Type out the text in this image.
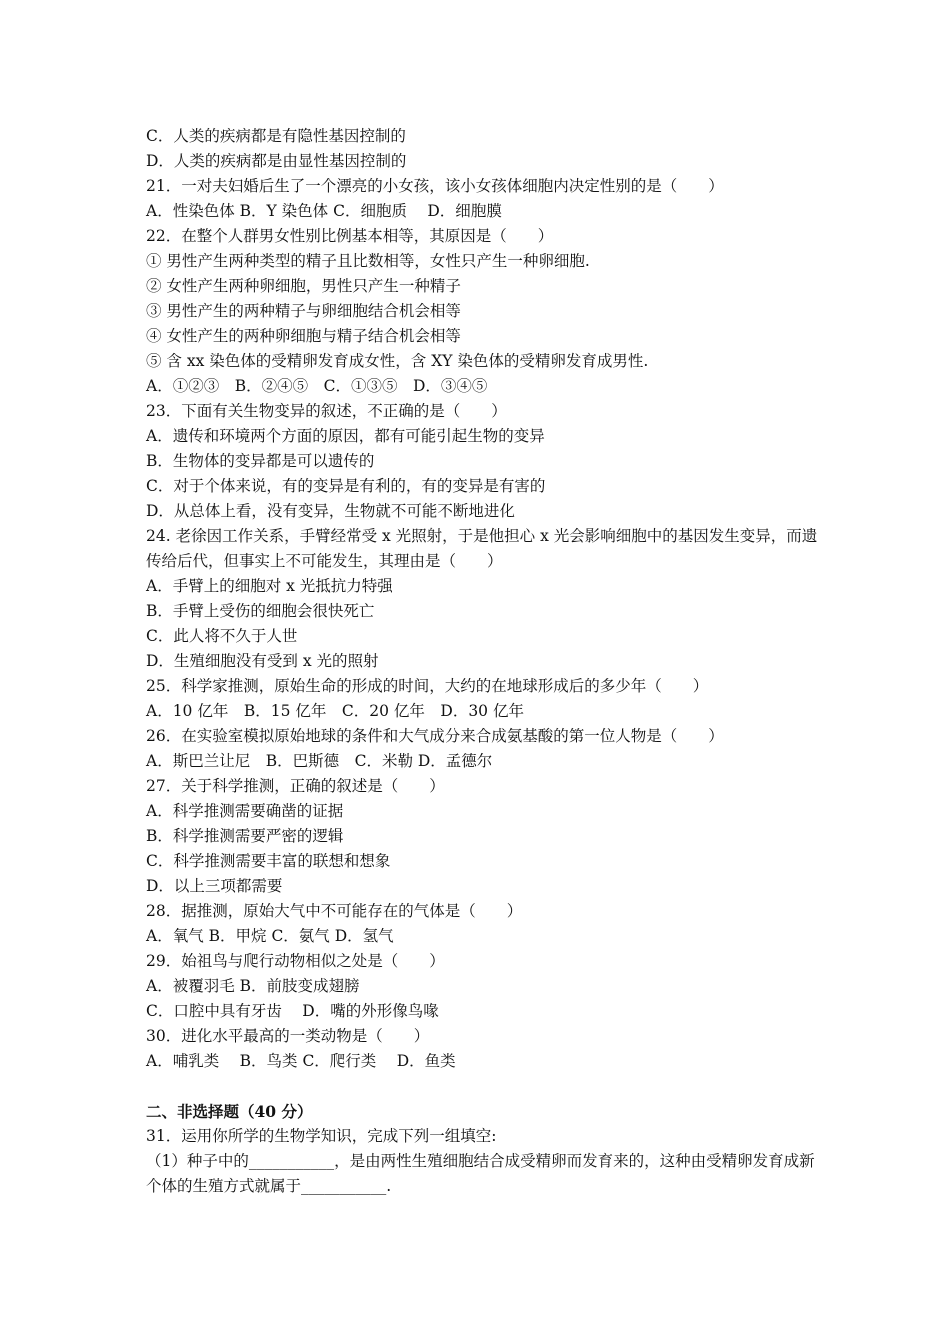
C．人类的疾病都是有隐性基因控制的
D．人类的疾病都是由显性基因控制的
21．一对夫妇婚后生了一个漂亮的小女孩，该小女孩体细胞内决定性别的是（　　）
A．性染色体 B．Y 染色体 C．细胞质　 D．细胞膜
22．在整个人群男女性别比例基本相等，其原因是（　　）
① 男性产生两种类型的精子且比数相等，女性只产生一种卵细胞.
② 女性产生两种卵细胞，男性只产生一种精子
③ 男性产生的两种精子与卵细胞结合机会相等
④ 女性产生的两种卵细胞与精子结合机会相等
⑤ 含 xx 染色体的受精卵发育成女性，含 XY 染色体的受精卵发育成男性.
A．①②③　B．②④⑤　C．①③⑤　D．③④⑤
23．下面有关生物变异的叙述，不正确的是（　　）
A．遗传和环境两个方面的原因，都有可能引起生物的变异
B．生物体的变异都是可以遗传的
C．对于个体来说，有的变异是有利的，有的变异是有害的
D．从总体上看，没有变异，生物就不可能不断地进化
24. 老徐因工作关系，手臂经常受 x 光照射，于是他担心 x 光会影响细胞中的基因发生变异，而遗传给后代，但事实上不可能发生，其理由是（　　）
A．手臂上的细胞对 x 光抵抗力特强
B．手臂上受伤的细胞会很快死亡
C．此人将不久于人世
D．生殖细胞没有受到 x 光的照射
25．科学家推测，原始生命的形成的时间，大约的在地球形成后的多少年（　　）
A．10 亿年　B．15 亿年　C．20 亿年　D．30 亿年
26．在实验室模拟原始地球的条件和大气成分来合成氨基酸的第一位人物是（　　）
A．斯巴兰让尼　B．巴斯德　C．米勒 D．孟德尔
27．关于科学推测，正确的叙述是（　　）
A．科学推测需要确凿的证据
B．科学推测需要严密的逻辑
C．科学推测需要丰富的联想和想象
D．以上三项都需要
28．据推测，原始大气中不可能存在的气体是（　　）
A．氧气 B．甲烷 C．氨气 D．氢气
29．始祖鸟与爬行动物相似之处是（　　）
A．被覆羽毛 B．前肢变成翅膀
C．口腔中具有牙齿　 D．嘴的外形像鸟喙
30．进化水平最高的一类动物是（　　）
A．哺乳类　 B．鸟类 C．爬行类　 D．鱼类
二、非选择题（40 分）
31．运用你所学的生物学知识，完成下列一组填空:
（1）种子中的___________，是由两性生殖细胞结合成受精卵而发育来的，这种由受精卵发育成新个体的生殖方式就属于___________.
